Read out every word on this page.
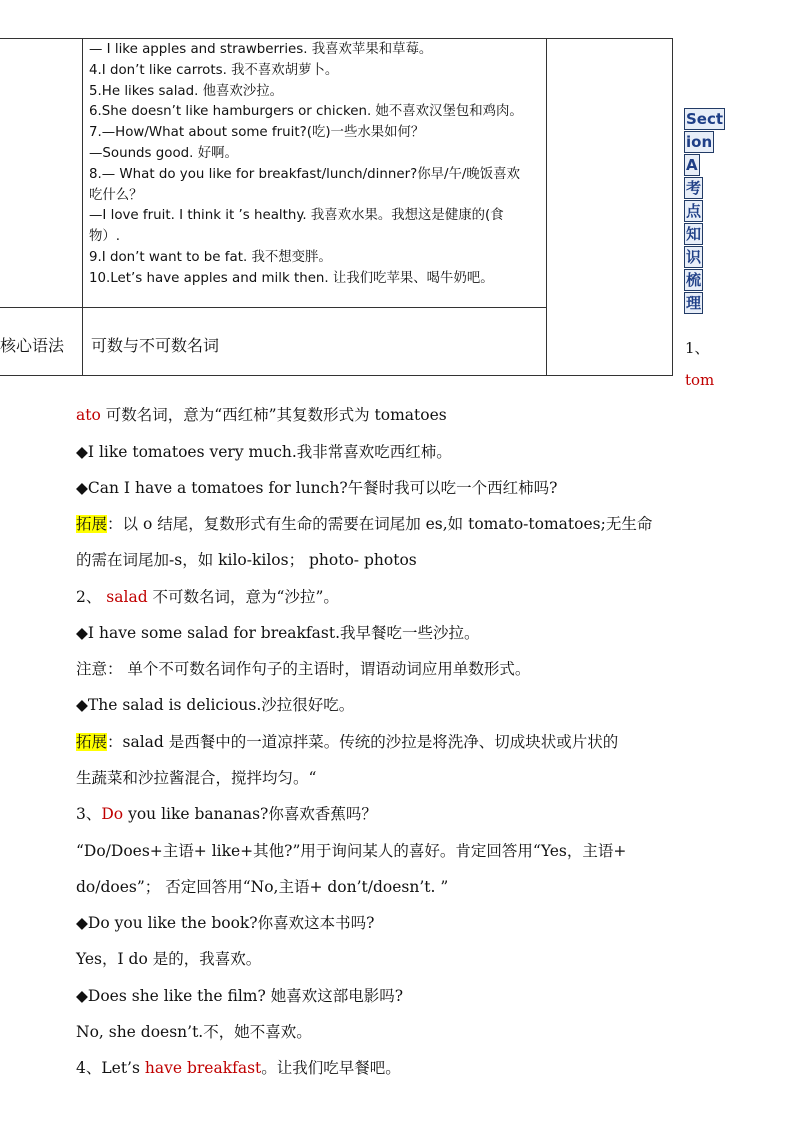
— I like apples and strawberries. 我喜欢苹果和草莓。
4.I don’t like carrots. 我不喜欢胡萝卜。
5.He likes salad. 他喜欢沙拉。
6.She doesn’t like hamburgers or chicken. 她不喜欢汉堡包和鸡肉。
7.—How/What about some fruit?(吃)一些水果如何？
—Sounds good. 好啊。
8.— What do you like for breakfast/lunch/dinner?你早/午/晚饭喜欢
吃什么？
—I love fruit. I think it ’s healthy. 我喜欢水果。我想这是健康的(食
物）.
9.I don’t want to be fat. 我不想变胖。
10.Let’s have apples and milk then. 让我们吃苹果、喝牛奶吧。
核心语法	可数与不可数名词
Sect
ion
A
考
点
知
识
梳
理
1、
tom
ato 可数名词，意为“西红柿”其复数形式为 tomatoes
◆I like tomatoes very much.我非常喜欢吃西红柿。
◆Can I have a tomatoes for lunch?午餐时我可以吃一个西红柿吗?
拓展：以 o 结尾，复数形式有生命的需要在词尾加 es,如 tomato-tomatoes;无生命
的需在词尾加-s，如 kilo-kilos； photo- photos
2、 salad 不可数名词，意为“沙拉”。
◆I have some salad for breakfast.我早餐吃一些沙拉。
注意： 单个不可数名词作句子的主语时，谓语动词应用单数形式。
◆The salad is delicious.沙拉很好吃。
拓展：salad 是西餐中的一道凉拌菜。传统的沙拉是将洗净、切成块状或片状的
生蔬菜和沙拉酱混合，搅拌均匀。“
3、Do you like bananas?你喜欢香蕉吗？
“Do/Does+主语+ like+其他?”用于询问某人的喜好。肯定回答用“Yes，主语+
do/does”； 否定回答用“No,主语+ don’t/doesn’t. ”
◆Do you like the book?你喜欢这本书吗?
Yes，I do 是的，我喜欢。
◆Does she like the film? 她喜欢这部电影吗?
No, she doesn’t.不，她不喜欢。
4、Let’s have breakfast。让我们吃早餐吧。
